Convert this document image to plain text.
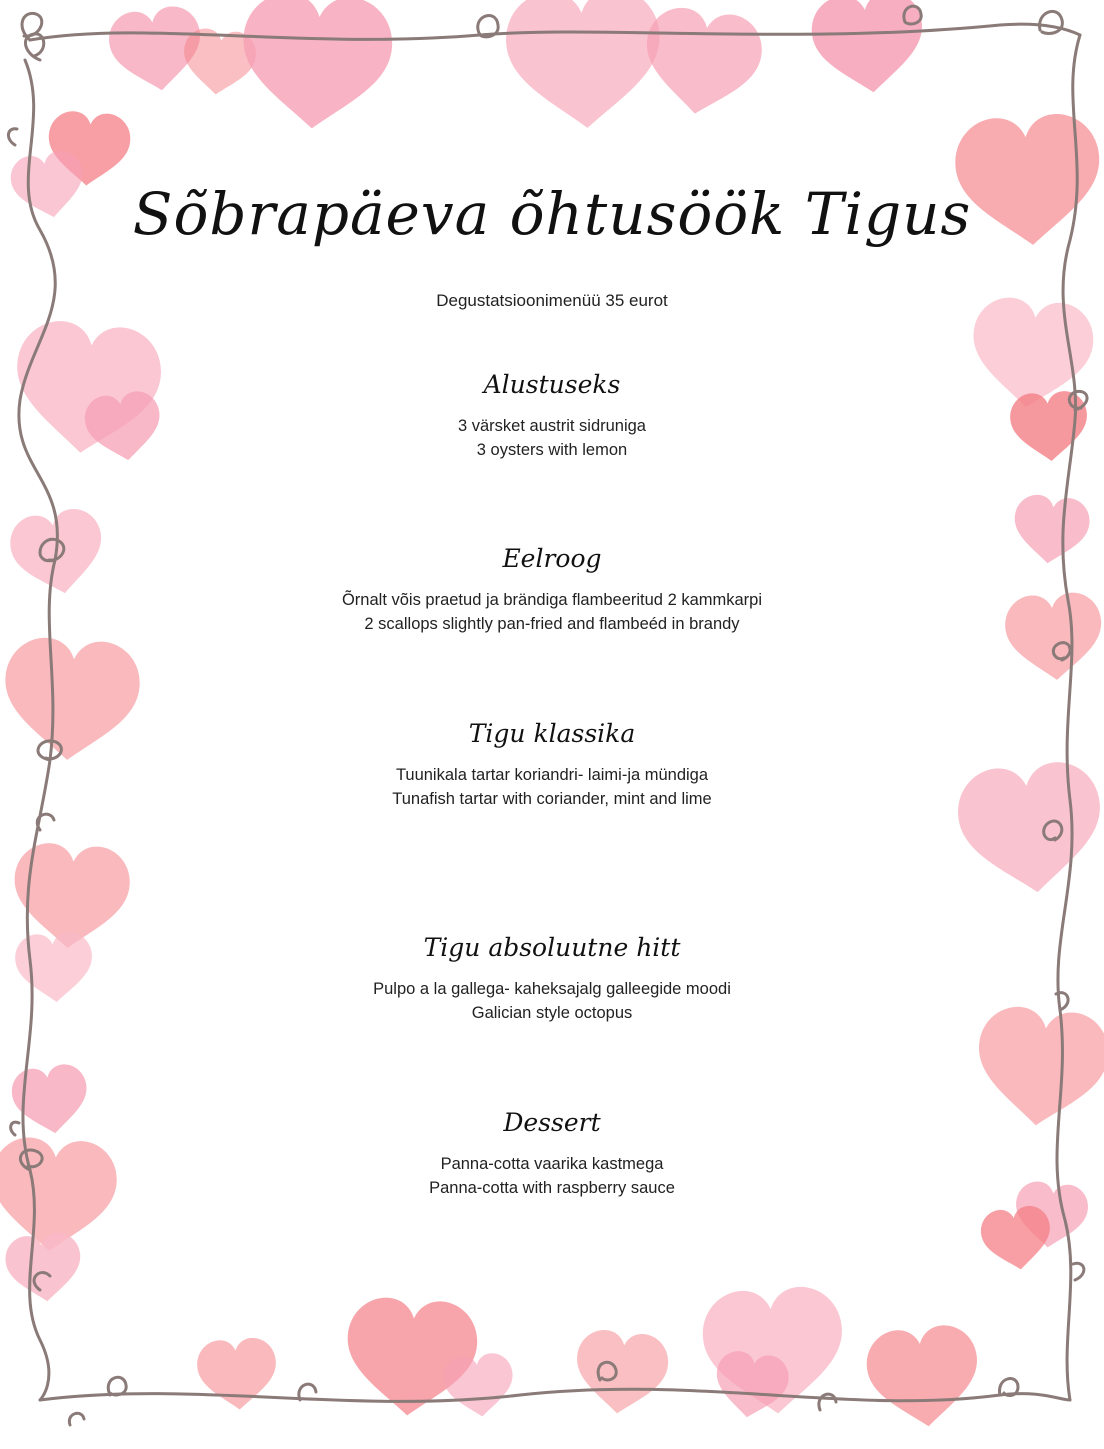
Sõbrapäeva õhtusöök Tigus
Degustatsioonimenüü 35 eurot
Alustuseks
3 värsket austrit sidruniga
3 oysters with lemon
Eelroog
Õrnalt võis praetud ja brändiga flambeeritud 2 kammkarpi
2 scallops slightly pan-fried and flambeéd in brandy
Tigu klassika
Tuunikala tartar koriandri- laimi-ja mündiga
Tunafish tartar with coriander, mint and lime
Tigu absoluutne hitt
Pulpo a la gallega- kaheksajalg galleegide moodi
Galician style octopus
Dessert
Panna-cotta vaarika kastmega
Panna-cotta with raspberry sauce
